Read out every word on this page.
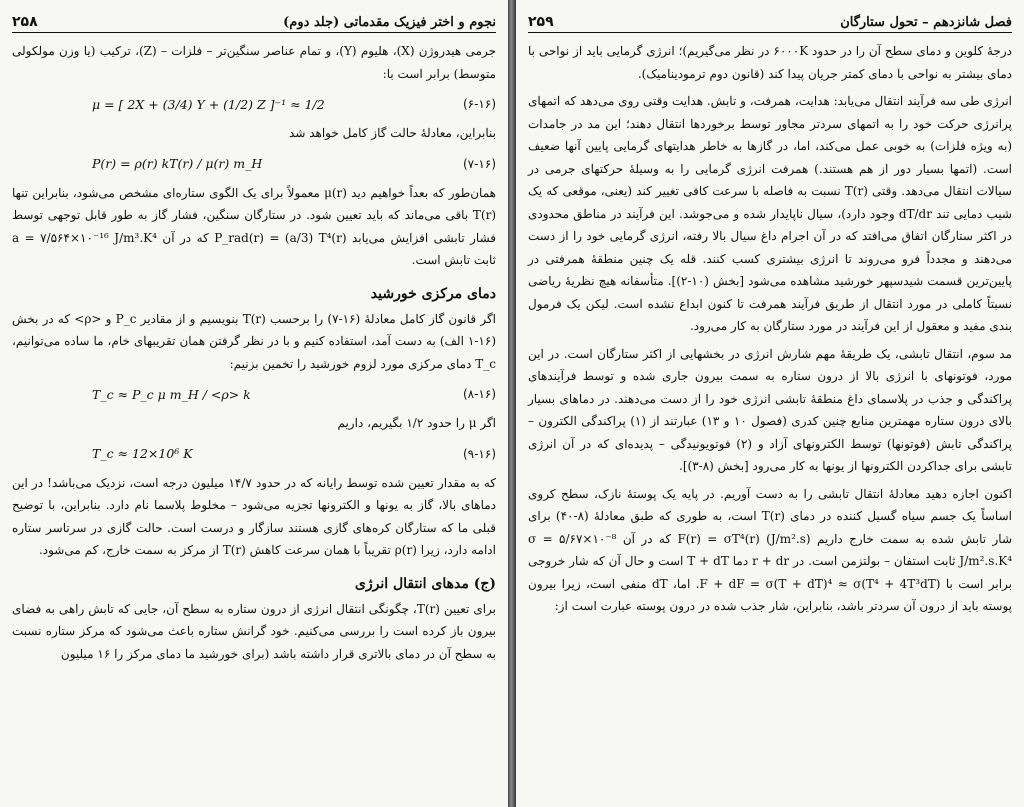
نجوم و اختر فیزیک مقدماتی (جلد دوم)
۲۵۸

جرمی هیدروژن (X)، هلیوم (Y)، و تمام عناصر سنگین‌تر – فلزات – (Z)، ترکیب (یا وزن مولکولی متوسط) برابر است با:

(۶-۱۶)
μ = [ 2X + (3/4) Y + (1/2) Z ]⁻¹ ≈ 1/2

بنابراین، معادلهٔ حالت گاز کامل خواهد شد

(۷-۱۶)
P(r) = ρ(r) kT(r) / μ(r) m_H

همان‌طور که بعداً خواهیم دید μ(r) معمولاً برای یک الگوی ستاره‌ای مشخص می‌شود، بنابراین تنها T(r) باقی می‌ماند که باید تعیین شود. در ستارگان سنگین، فشار گاز به طور قابل توجهی توسط فشار تابشی افزایش می‌یابد P_rad(r) = (a/3) T⁴(r) که در آن a = ۷/۵۶۴×۱۰⁻¹⁶ J/m³.K⁴ ثابت تابش است.

دمای مرکزی خورشید

اگر قانون گاز کامل معادلهٔ (۱۶-۷) را برحسب T(r) بنویسیم و از مقادیر P_c و <ρ> که در بخش (۱۶-۱ الف) به دست آمد، استفاده کنیم و با در نظر گرفتن همان تقریبهای خام، ما ساده می‌توانیم، T_c دمای مرکزی مورد لزوم خورشید را تخمین بزنیم:

(۸-۱۶)
T_c ≈ P_c μ m_H / <ρ> k

اگر μ را حدود ۱/۲ بگیریم، داریم

(۹-۱۶)
T_c ≈ 12×10⁶ K

که به مقدار تعیین شده توسط رایانه که در حدود ۱۴/۷ میلیون درجه است، نزدیک می‌باشد! در این دماهای بالا، گاز به یونها و الکترونها تجزیه می‌شود – مخلوط پلاسما نام دارد. بنابراین، با توضیح قبلی ما که ستارگان کره‌های گازی هستند سازگار و درست است. حالت گازی در سرتاسر ستاره ادامه دارد، زیرا ρ(r) تقریباً با همان سرعت کاهش T(r) از مرکز به سمت خارج، کم می‌شود.

(ج) مدهای انتقال انرژی

برای تعیین T(r)، چگونگی انتقال انرژی از درون ستاره به سطح آن، جایی که تابش راهی به فضای بیرون باز کرده است را بررسی می‌کنیم. خود گرانش ستاره باعث می‌شود که مرکز ستاره نسبت به سطح آن در دمای بالاتری قرار داشته باشد (برای خورشید ما دمای مرکز را ۱۶ میلیون

فصل شانزدهم – تحول ستارگان
۲۵۹

درجهٔ کلوین و دمای سطح آن را در حدود ۶۰۰۰K در نظر می‌گیریم)؛ انرژی گرمایی باید از نواحی با دمای بیشتر به نواحی با دمای کمتر جریان پیدا کند (قانون دوم ترمودینامیک).

انرژی طی سه فرآیند انتقال می‌یابد: هدایت، همرفت، و تابش. هدایت وقتی روی می‌دهد که اتمهای پرانرژی حرکت خود را به اتمهای سردتر مجاور توسط برخوردها انتقال دهند؛ این مد در جامدات (به ویژه فلزات) به خوبی عمل می‌کند، اما، در گازها به خاطر هدایتهای گرمایی پایین آنها ضعیف است. (اتمها بسیار دور از هم هستند.) همرفت انرژی گرمایی را به وسیلهٔ حرکتهای جرمی در سیالات انتقال می‌دهد. وقتی T(r) نسبت به فاصله با سرعت کافی تغییر کند (یعنی، موقعی که یک شیب دمایی تند dT/dr وجود دارد)، سیال ناپایدار شده و می‌جوشد. این فرآیند در مناطق محدودی در اکثر ستارگان اتفاق می‌افتد که در آن اجرام داغ سیال بالا رفته، انرژی گرمایی خود را از دست می‌دهند و مجدداً فرو می‌روند تا انرژی بیشتری کسب کنند. قله یک چنین منطقهٔ همرفتی در پایین‌ترین قسمت شیدسپهر خورشید مشاهده می‌شود [بخش (۱۰-۲)]. متأسفانه هیچ نظریهٔ ریاضی نسبتاً کاملی در مورد انتقال از طریق فرآیند همرفت تا کنون ابداع نشده است. لیکن یک فرمول بندی مفید و معقول از این فرآیند در مورد ستارگان به کار می‌رود.

مد سوم، انتقال تابشی، یک طریقهٔ مهم شارش انرژی در بخشهایی از اکثر ستارگان است. در این مورد، فوتونهای با انرژی بالا از درون ستاره به سمت بیرون جاری شده و توسط فرآیندهای پراکندگی و جذب در پلاسمای داغ منطقهٔ تابشی انرژی خود را از دست می‌دهند. در دماهای بسیار بالای درون ستاره مهمترین منابع چنین کدری (فصول ۱۰ و ۱۳) عبارتند از (۱) پراکندگی الکترون – پراکندگی تابش (فوتونها) توسط الکترونهای آزاد و (۲) فوتویونیدگی – پدیده‌ای که در آن انرژی تابشی برای جداکردن الکترونها از یونها به کار می‌رود [بخش (۸-۳)].

اکنون اجازه دهید معادلهٔ انتقال تابشی را به دست آوریم. در پایه یک پوستهٔ نازک، سطح کروی اساساً یک جسم سیاه گسیل کننده در دمای T(r) است، به طوری که طبق معادلهٔ (۸-۴۰) برای شار تابش شده به سمت خارج داریم F(r) = σT⁴(r) (J/m².s) که در آن σ = ۵/۶۷×۱۰⁻⁸ J/m².s.K⁴ ثابت استفان – بولتزمن است. در r + dr دما T + dT است و حال آن که شار خروجی برابر است با F + dF = σ(T + dT)⁴ ≈ σ(T⁴ + 4T³dT). اما، dT منفی است، زیرا بیرون پوسته باید از درون آن سردتر باشد، بنابراین، شار جذب شده در درون پوسته عبارت است از:
